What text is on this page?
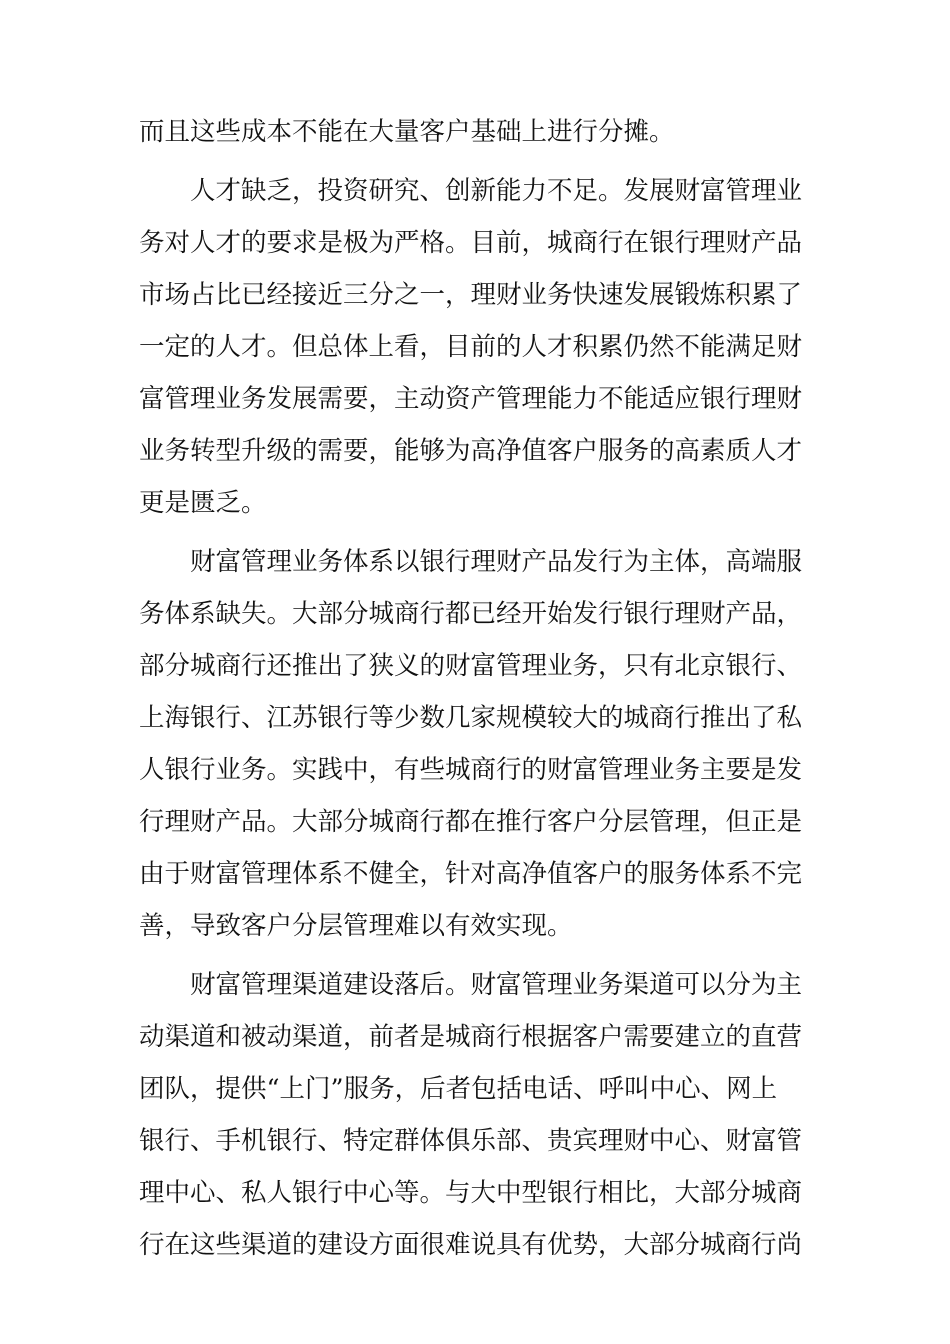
而且这些成本不能在大量客户基础上进行分摊。
　　人才缺乏，投资研究、创新能力不足。发展财富管理业
务对人才的要求是极为严格。目前，城商行在银行理财产品
市场占比已经接近三分之一，理财业务快速发展锻炼积累了
一定的人才。但总体上看，目前的人才积累仍然不能满足财
富管理业务发展需要，主动资产管理能力不能适应银行理财
业务转型升级的需要，能够为高净值客户服务的高素质人才
更是匮乏。
　　财富管理业务体系以银行理财产品发行为主体，高端服
务体系缺失。大部分城商行都已经开始发行银行理财产品，
部分城商行还推出了狭义的财富管理业务，只有北京银行、
上海银行、江苏银行等少数几家规模较大的城商行推出了私
人银行业务。实践中，有些城商行的财富管理业务主要是发
行理财产品。大部分城商行都在推行客户分层管理，但正是
由于财富管理体系不健全，针对高净值客户的服务体系不完
善，导致客户分层管理难以有效实现。
　　财富管理渠道建设落后。财富管理业务渠道可以分为主
动渠道和被动渠道，前者是城商行根据客户需要建立的直营
团队，提供“上门”服务，后者包括电话、呼叫中心、网上
银行、手机银行、特定群体俱乐部、贵宾理财中心、财富管
理中心、私人银行中心等。与大中型银行相比，大部分城商
行在这些渠道的建设方面很难说具有优势，大部分城商行尚
